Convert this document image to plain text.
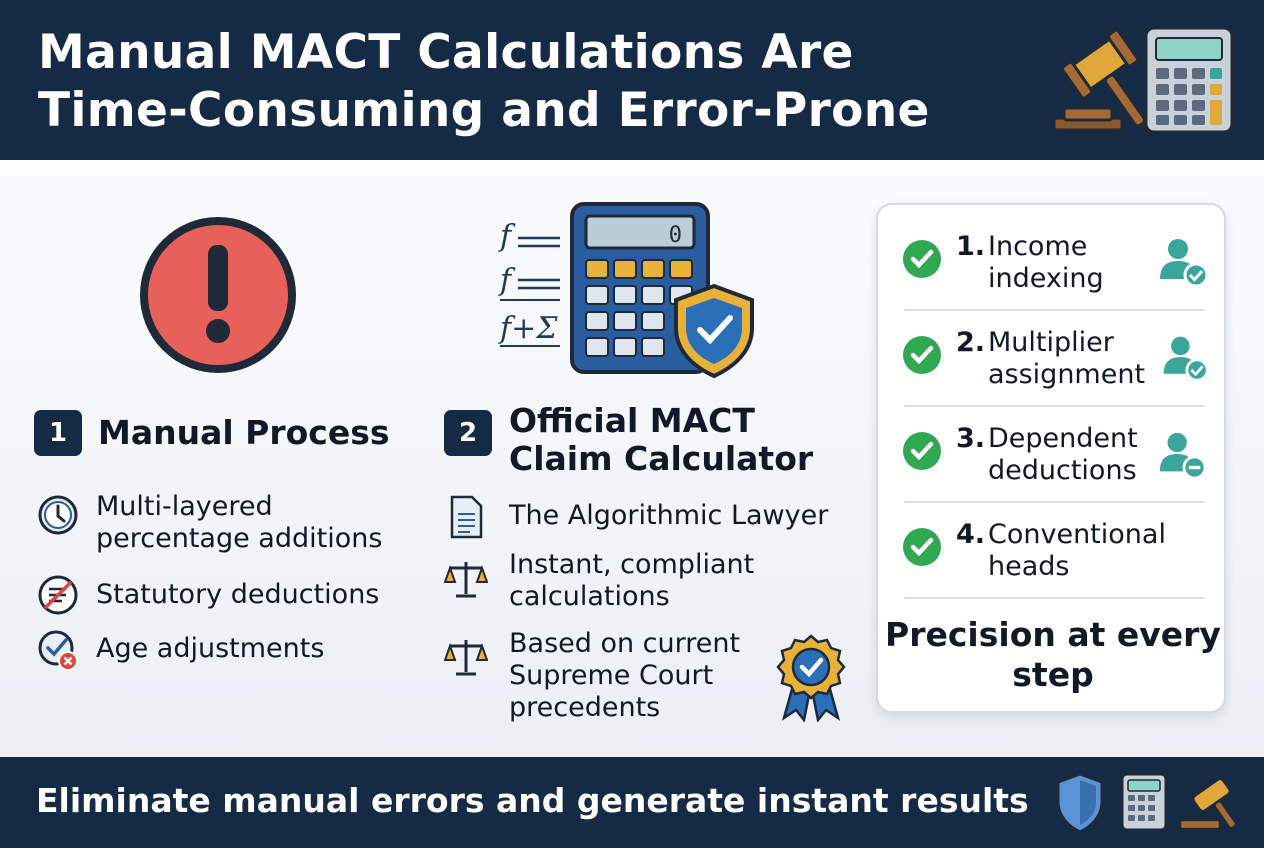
Manual MACT Calculations Are Time-Consuming and Error-Prone
1 Manual Process
Multi-layered percentage additions
Statutory deductions
Age adjustments
f
f
f+Σ
0
2 Official MACT Claim Calculator
The Algorithmic Lawyer
Instant, compliant calculations
Based on current Supreme Court precedents
1. Income indexing
2. Multiplier assignment
3. Dependent deductions
4. Conventional heads
Precision at every step
Eliminate manual errors and generate instant results
